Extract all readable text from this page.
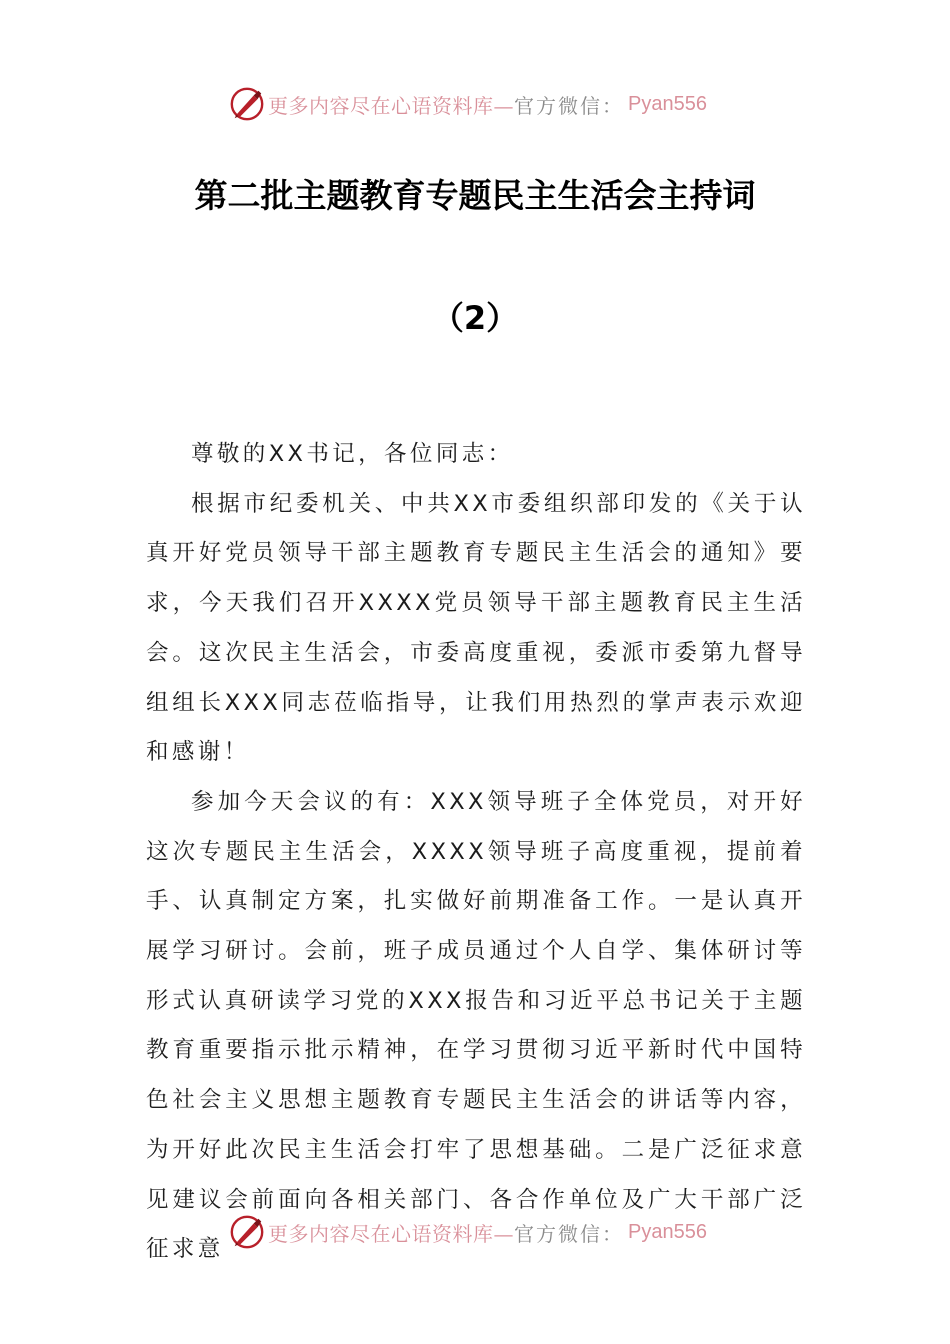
更多内容尽在心语资料库— 官方微信： Pyan556
第二批主题教育专题民主生活会主持词
（2）

尊敬的XX书记，各位同志：

根据市纪委机关、中共XX市委组织部印发的《关于认真开好党员领导干部主题教育专题民主生活会的通知》要求，今天我们召开XXXX党员领导干部主题教育民主生活会。这次民主生活会，市委高度重视，委派市委第九督导组组长XXX同志莅临指导，让我们用热烈的掌声表示欢迎和感谢！

参加今天会议的有：XXX领导班子全体党员，对开好这次专题民主生活会，XXXX领导班子高度重视，提前着手、认真制定方案，扎实做好前期准备工作。一是认真开展学习研讨。会前，班子成员通过个人自学、集体研讨等形式认真研读学习党的XXX报告和习近平总书记关于主题教育重要指示批示精神，在学习贯彻习近平新时代中国特色社会主义思想主题教育专题民主生活会的讲话等内容，为开好此次民主生活会打牢了思想基础。二是广泛征求意见建议会前面向各相关部门、各合作单位及广大干部广泛征求意

更多内容尽在心语资料库— 官方微信： Pyan556
